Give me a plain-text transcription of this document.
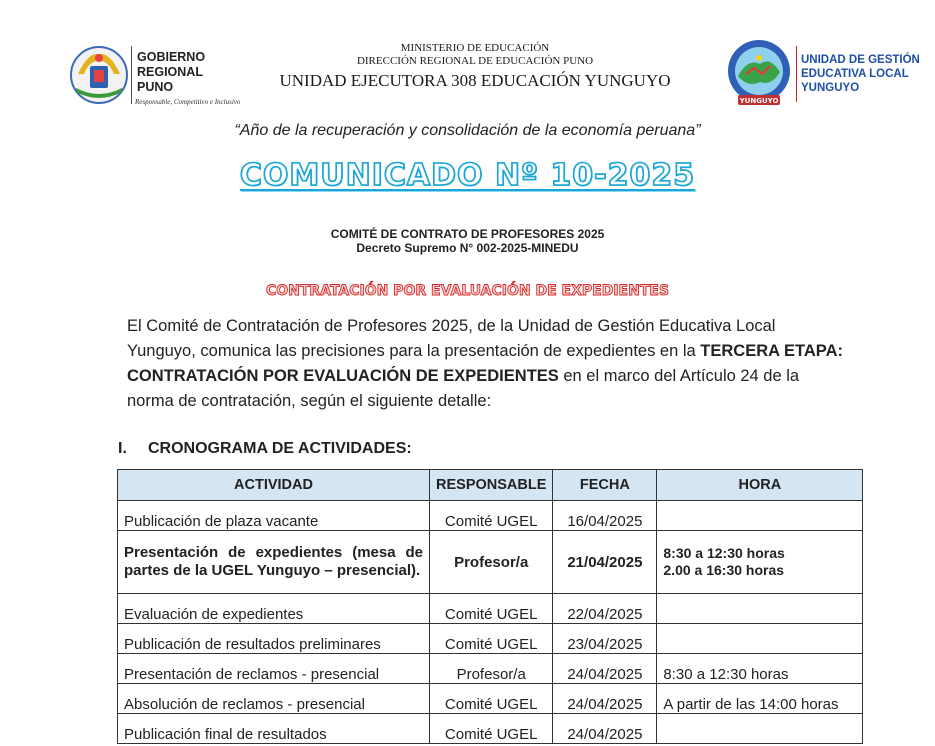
GOBIERNO
REGIONAL
PUNO
Responsable, Competitivo e Inclusivo
MINISTERIO DE EDUCACIÓN
DIRECCIÓN REGIONAL DE EDUCACIÓN PUNO
UNIDAD EJECUTORA 308 EDUCACIÓN YUNGUYO
YUNGUYO
UNIDAD DE GESTIÓN
EDUCATIVA LOCAL
YUNGUYO
“Año de la recuperación y consolidación de la economía peruana”
COMUNICADO Nº 10-2025
COMITÉ DE CONTRATO DE PROFESORES 2025
Decreto Supremo N° 002-2025-MINEDU
CONTRATACIÓN POR EVALUACIÓN DE EXPEDIENTES
El Comité de Contratación de Profesores 2025, de la Unidad de Gestión Educativa Local Yunguyo, comunica las precisiones para la presentación de expedientes en la TERCERA ETAPA: CONTRATACIÓN POR EVALUACIÓN DE EXPEDIENTES en el marco del Artículo 24 de la norma de contratación, según el siguiente detalle:
I. CRONOGRAMA DE ACTIVIDADES:
ACTIVIDAD	RESPONSABLE	FECHA	HORA
Publicación de plaza vacante	Comité UGEL	16/04/2025	
Presentación de expedientes (mesa de partes de la UGEL Yunguyo – presencial).	Profesor/a	21/04/2025	8:30 a 12:30 horas
2.00 a 16:30 horas

Evaluación de expedientes	Comité UGEL	22/04/2025	
Publicación de resultados preliminares	Comité UGEL	23/04/2025	
Presentación de reclamos - presencial	Profesor/a	24/04/2025	8:30 a 12:30 horas
Absolución de reclamos - presencial	Comité UGEL	24/04/2025	A partir de las 14:00 horas
Publicación final de resultados	Comité UGEL	24/04/2025	
